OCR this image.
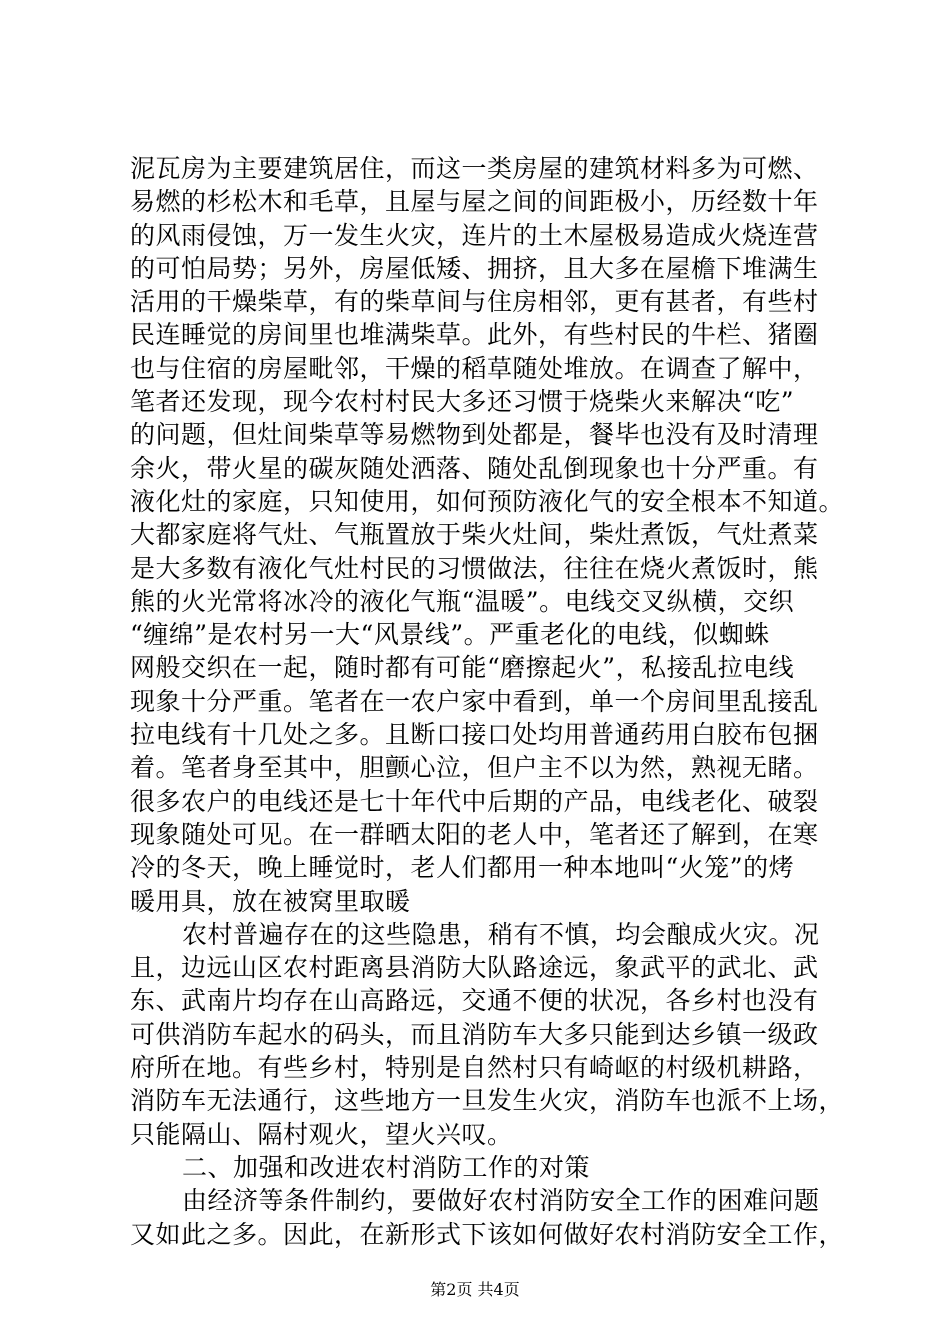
泥瓦房为主要建筑居住，而这一类房屋的建筑材料多为可燃、
易燃的杉松木和毛草，且屋与屋之间的间距极小，历经数十年
的风雨侵蚀，万一发生火灾，连片的土木屋极易造成火烧连营
的可怕局势；另外，房屋低矮、拥挤，且大多在屋檐下堆满生
活用的干燥柴草，有的柴草间与住房相邻，更有甚者，有些村
民连睡觉的房间里也堆满柴草。此外，有些村民的牛栏、猪圈
也与住宿的房屋毗邻，干燥的稻草随处堆放。在调查了解中，
笔者还发现，现今农村村民大多还习惯于烧柴火来解决“吃”
的问题，但灶间柴草等易燃物到处都是，餐毕也没有及时清理
余火，带火星的碳灰随处洒落、随处乱倒现象也十分严重。有
液化灶的家庭，只知使用，如何预防液化气的安全根本不知道。
大都家庭将气灶、气瓶置放于柴火灶间，柴灶煮饭，气灶煮菜
是大多数有液化气灶村民的习惯做法，往往在烧火煮饭时，熊
熊的火光常将冰冷的液化气瓶“温暖”。电线交叉纵横，交织
“缠绵”是农村另一大“风景线”。严重老化的电线，似蜘蛛
网般交织在一起，随时都有可能“磨擦起火”，私接乱拉电线
现象十分严重。笔者在一农户家中看到，单一个房间里乱接乱
拉电线有十几处之多。且断口接口处均用普通药用白胶布包捆
着。笔者身至其中，胆颤心泣，但户主不以为然，熟视无睹。
很多农户的电线还是七十年代中后期的产品，电线老化、破裂
现象随处可见。在一群晒太阳的老人中，笔者还了解到，在寒
冷的冬天，晚上睡觉时，老人们都用一种本地叫“火笼”的烤
暖用具，放在被窝里取暖
农村普遍存在的这些隐患，稍有不慎，均会酿成火灾。况
且，边远山区农村距离县消防大队路途远，象武平的武北、武
东、武南片均存在山高路远，交通不便的状况，各乡村也没有
可供消防车起水的码头，而且消防车大多只能到达乡镇一级政
府所在地。有些乡村，特别是自然村只有崎岖的村级机耕路，
消防车无法通行，这些地方一旦发生火灾，消防车也派不上场，
只能隔山、隔村观火，望火兴叹。
二、加强和改进农村消防工作的对策
由经济等条件制约，要做好农村消防安全工作的困难问题
又如此之多。因此，在新形式下该如何做好农村消防安全工作，
第2页 共4页
